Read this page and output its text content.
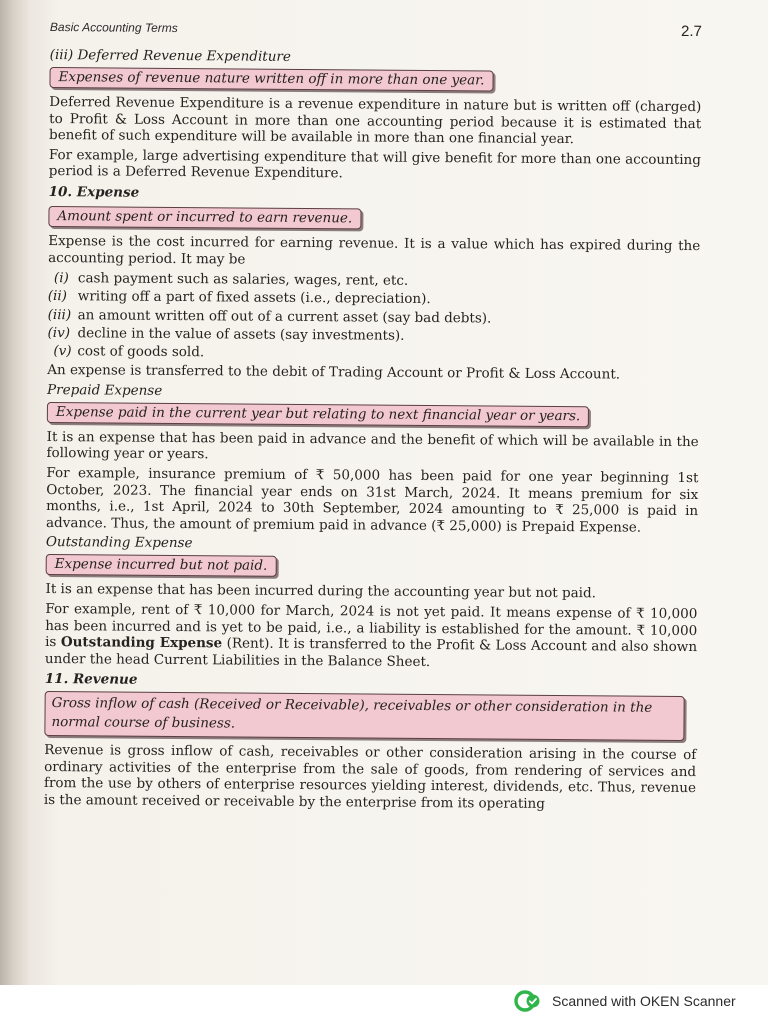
Basic Accounting Terms	2.7
(iii) Deferred Revenue Expenditure
Expenses of revenue nature written off in more than one year.

Deferred Revenue Expenditure is a revenue expenditure in nature but is written off (charged) to Profit & Loss Account in more than one accounting period because it is estimated that benefit of such expenditure will be available in more than one financial year.

For example, large advertising expenditure that will give benefit for more than one accounting period is a Deferred Revenue Expenditure.

10. Expense
Amount spent or incurred to earn revenue.

Expense is the cost incurred for earning revenue. It is a value which has expired during the accounting period. It may be

(i) cash payment such as salaries, wages, rent, etc.
(ii) writing off a part of fixed assets (i.e., depreciation).
(iii) an amount written off out of a current asset (say bad debts).
(iv) decline in the value of assets (say investments).
(v) cost of goods sold.

An expense is transferred to the debit of Trading Account or Profit & Loss Account.

Prepaid Expense
Expense paid in the current year but relating to next financial year or years.

It is an expense that has been paid in advance and the benefit of which will be available in the following year or years.

For example, insurance premium of ₹ 50,000 has been paid for one year beginning 1st October, 2023. The financial year ends on 31st March, 2024. It means premium for six months, i.e., 1st April, 2024 to 30th September, 2024 amounting to ₹ 25,000 is paid in advance. Thus, the amount of premium paid in advance (₹ 25,000) is Prepaid Expense.

Outstanding Expense
Expense incurred but not paid.

It is an expense that has been incurred during the accounting year but not paid.

For example, rent of ₹ 10,000 for March, 2024 is not yet paid. It means expense of ₹ 10,000 has been incurred and is yet to be paid, i.e., a liability is established for the amount. ₹ 10,000 is Outstanding Expense (Rent). It is transferred to the Profit & Loss Account and also shown under the head Current Liabilities in the Balance Sheet.

11. Revenue
Gross inflow of cash (Received or Receivable), receivables or other consideration in the normal course of business.

Revenue is gross inflow of cash, receivables or other consideration arising in the course of ordinary activities of the enterprise from the sale of goods, from rendering of services and from the use by others of enterprise resources yielding interest, dividends, etc. Thus, revenue is the amount received or receivable by the enterprise from its operating

Scanned with OKEN Scanner
